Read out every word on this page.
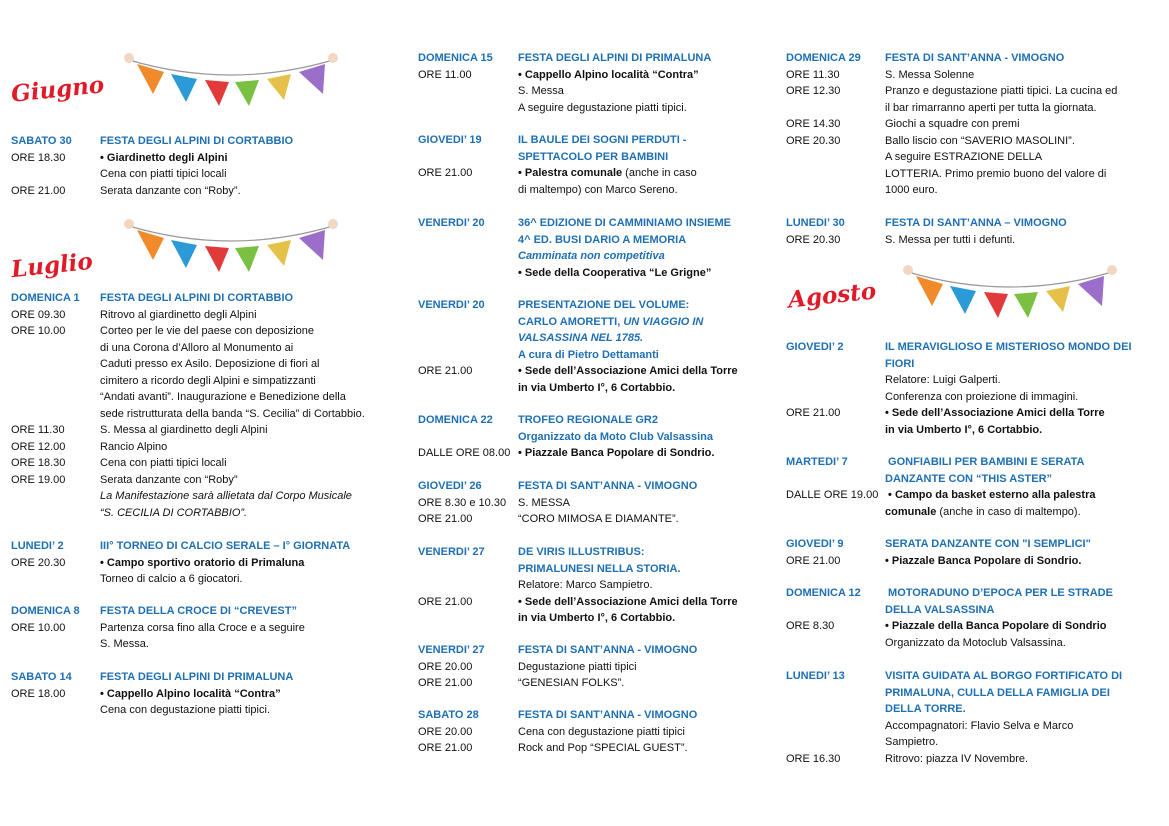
Giugno
SABATO 30	FESTA DEGLI ALPINI DI CORTABBIO
ORE 18.30	• Giardinetto degli Alpini
Cena con piatti tipici locali
ORE 21.00	Serata danzante con “Roby”.
Luglio
DOMENICA 1	FESTA DEGLI ALPINI DI CORTABBIO
ORE 09.30	Ritrovo al giardinetto degli Alpini
ORE 10.00	Corteo per le vie del paese con deposizione
di una Corona d’Alloro al Monumento ai
Caduti presso ex Asilo. Deposizione di fiori al
cimitero a ricordo degli Alpini e simpatizzanti
“Andati avanti”. Inaugurazione e Benedizione della
sede ristrutturata della banda “S. Cecilia” di Cortabbio.
ORE 11.30	S. Messa al giardinetto degli Alpini
ORE 12.00	Rancio Alpino
ORE 18.30	Cena con piatti tipici locali
ORE 19.00	Serata danzante con “Roby”
La Manifestazione sarà allietata dal Corpo Musicale
“S. CECILIA DI CORTABBIO”.
LUNEDI’ 2	III° TORNEO DI CALCIO SERALE – I° GIORNATA
ORE 20.30	• Campo sportivo oratorio di Primaluna
Torneo di calcio a 6 giocatori.
DOMENICA 8	FESTA DELLA CROCE DI “CREVEST”
ORE 10.00	Partenza corsa fino alla Croce e a seguire
S. Messa.
SABATO 14	FESTA DEGLI ALPINI DI PRIMALUNA
ORE 18.00	• Cappello Alpino località “Contra”
Cena con degustazione piatti tipici.
DOMENICA 15	FESTA DEGLI ALPINI DI PRIMALUNA
ORE 11.00	• Cappello Alpino località “Contra”
S. Messa
A seguire degustazione piatti tipici.
GIOVEDI’ 19	IL BAULE DEI SOGNI PERDUTI -
SPETTACOLO PER BAMBINI
ORE 21.00	• Palestra comunale (anche in caso
di maltempo) con Marco Sereno.
VENERDI’ 20	36^ EDIZIONE DI CAMMINIAMO INSIEME
4^ ED. BUSI DARIO A MEMORIA
Camminata non competitiva
• Sede della Cooperativa “Le Grigne”
VENERDI’ 20	PRESENTAZIONE DEL VOLUME:
CARLO AMORETTI, UN VIAGGIO IN
VALSASSINA NEL 1785.
A cura di Pietro Dettamanti
ORE 21.00	• Sede dell’Associazione Amici della Torre
in via Umberto I°, 6 Cortabbio.
DOMENICA 22	TROFEO REGIONALE GR2
Organizzato da Moto Club Valsassina
DALLE ORE 08.00 • Piazzale Banca Popolare di Sondrio.
GIOVEDI’ 26	FESTA DI SANT’ANNA - VIMOGNO
ORE 8.30 e 10.30	S. MESSA
ORE 21.00	“CORO MIMOSA E DIAMANTE”.
VENERDI’ 27	DE VIRIS ILLUSTRIBUS:
PRIMALUNESI NELLA STORIA.
Relatore: Marco Sampietro.
ORE 21.00	• Sede dell’Associazione Amici della Torre
in via Umberto I°, 6 Cortabbio.
VENERDI’ 27	FESTA DI SANT’ANNA - VIMOGNO
ORE 20.00	Degustazione piatti tipici
ORE 21.00	“GENESIAN FOLKS”.
SABATO 28	FESTA DI SANT’ANNA - VIMOGNO
ORE 20.00	Cena con degustazione piatti tipici
ORE 21.00	Rock and Pop “SPECIAL GUEST”.
DOMENICA 29	FESTA DI SANT’ANNA - VIMOGNO
ORE 11.30	S. Messa Solenne
ORE 12.30	Pranzo e degustazione piatti tipici. La cucina ed
il bar rimarranno aperti per tutta la giornata.
ORE 14.30	Giochi a squadre con premi
ORE 20.30	Ballo liscio con “SAVERIO MASOLINI”.
A seguire ESTRAZIONE DELLA
LOTTERIA. Primo premio buono del valore di
1000 euro.
LUNEDI’ 30	FESTA DI SANT’ANNA – VIMOGNO
ORE 20.30	S. Messa per tutti i defunti.
Agosto
GIOVEDI’ 2	IL MERAVIGLIOSO E MISTERIOSO MONDO DEI
FIORI
Relatore: Luigi Galperti.
Conferenza con proiezione di immagini.
ORE 21.00	• Sede dell’Associazione Amici della Torre
in via Umberto I°, 6 Cortabbio.
MARTEDI’ 7	GONFIABILI PER BAMBINI E SERATA
DANZANTE CON “THIS ASTER”
DALLE ORE 19.00 • Campo da basket esterno alla palestra
comunale (anche in caso di maltempo).
GIOVEDI’ 9	SERATA DANZANTE CON "I SEMPLICI"
ORE 21.00	• Piazzale Banca Popolare di Sondrio.
DOMENICA 12	MOTORADUNO D’EPOCA PER LE STRADE
DELLA VALSASSINA
ORE 8.30	• Piazzale della Banca Popolare di Sondrio
Organizzato da Motoclub Valsassina.
LUNEDI’ 13	VISITA GUIDATA AL BORGO FORTIFICATO DI
PRIMALUNA, CULLA DELLA FAMIGLIA DEI
DELLA TORRE.
Accompagnatori: Flavio Selva e Marco
Sampietro.
ORE 16.30	Ritrovo: piazza IV Novembre.
